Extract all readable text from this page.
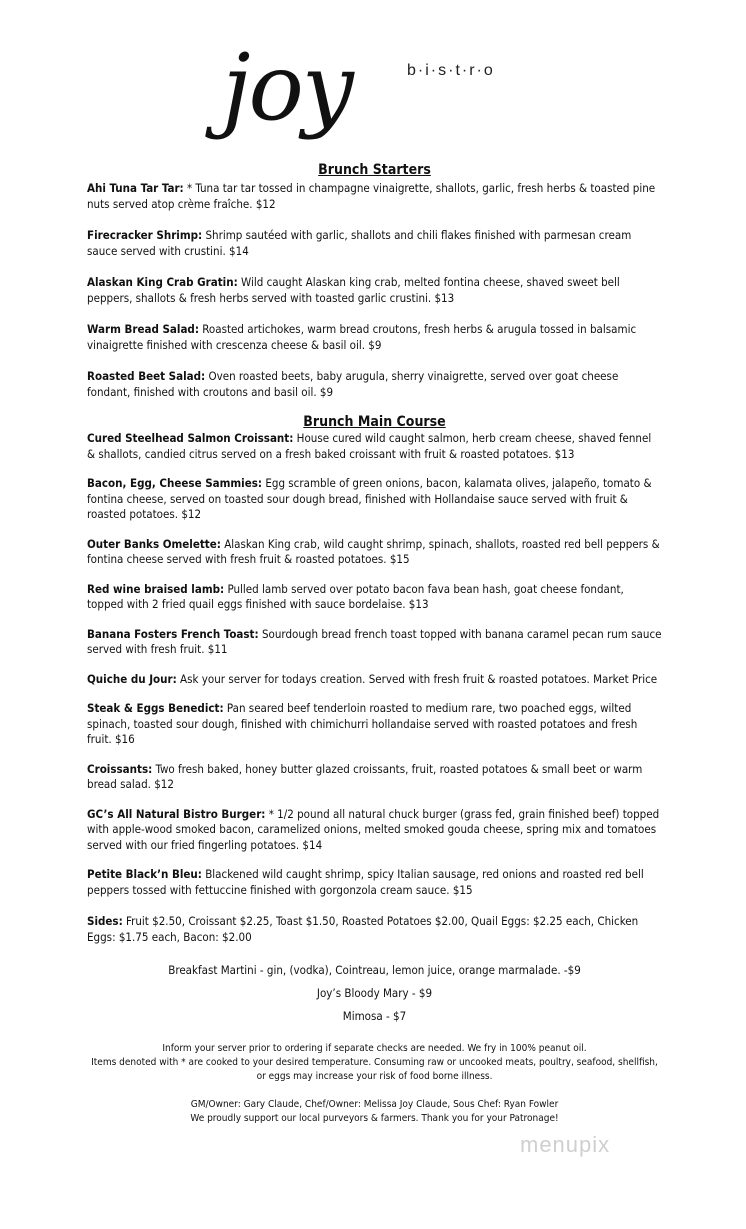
joy	b·i·s·t·r·o
Brunch Starters

Ahi Tuna Tar Tar: * Tuna tar tar tossed in champagne vinaigrette, shallots, garlic, fresh herbs & toasted pine nuts served atop crème fraîche. $12

Firecracker Shrimp: Shrimp sautéed with garlic, shallots and chili flakes finished with parmesan cream sauce served with crustini. $14

Alaskan King Crab Gratin: Wild caught Alaskan king crab, melted fontina cheese, shaved sweet bell peppers, shallots & fresh herbs served with toasted garlic crustini. $13

Warm Bread Salad: Roasted artichokes, warm bread croutons, fresh herbs & arugula tossed in balsamic vinaigrette finished with crescenza cheese & basil oil. $9

Roasted Beet Salad: Oven roasted beets, baby arugula, sherry vinaigrette, served over goat cheese fondant, finished with croutons and basil oil. $9

Brunch Main Course

Cured Steelhead Salmon Croissant: House cured wild caught salmon, herb cream cheese, shaved fennel & shallots, candied citrus served on a fresh baked croissant with fruit & roasted potatoes. $13

Bacon, Egg, Cheese Sammies: Egg scramble of green onions, bacon, kalamata olives, jalapeño, tomato & fontina cheese, served on toasted sour dough bread, finished with Hollandaise sauce served with fruit & roasted potatoes. $12

Outer Banks Omelette: Alaskan King crab, wild caught shrimp, spinach, shallots, roasted red bell peppers & fontina cheese served with fresh fruit & roasted potatoes. $15

Red wine braised lamb: Pulled lamb served over potato bacon fava bean hash, goat cheese fondant, topped with 2 fried quail eggs finished with sauce bordelaise. $13

Banana Fosters French Toast: Sourdough bread french toast topped with banana caramel pecan rum sauce served with fresh fruit. $11

Quiche du Jour: Ask your server for todays creation. Served with fresh fruit & roasted potatoes. Market Price

Steak & Eggs Benedict: Pan seared beef tenderloin roasted to medium rare, two poached eggs, wilted spinach, toasted sour dough, finished with chimichurri hollandaise served with roasted potatoes and fresh fruit. $16

Croissants: Two fresh baked, honey butter glazed croissants, fruit, roasted potatoes & small beet or warm bread salad. $12

GC’s All Natural Bistro Burger: * 1/2 pound all natural chuck burger (grass fed, grain finished beef) topped with apple-wood smoked bacon, caramelized onions, melted smoked gouda cheese, spring mix and tomatoes served with our fried fingerling potatoes. $14

Petite Black’n Bleu: Blackened wild caught shrimp, spicy Italian sausage, red onions and roasted red bell peppers tossed with fettuccine finished with gorgonzola cream sauce. $15

Sides: Fruit $2.50, Croissant $2.25, Toast $1.50, Roasted Potatoes $2.00, Quail Eggs: $2.25 each, Chicken Eggs: $1.75 each, Bacon: $2.00

Breakfast Martini - gin, (vodka), Cointreau, lemon juice, orange marmalade. -$9

Joy’s Bloody Mary - $9

Mimosa - $7

Inform your server prior to ordering if separate checks are needed. We fry in 100% peanut oil.

Items denoted with * are cooked to your desired temperature. Consuming raw or uncooked meats, poultry, seafood, shellfish, or eggs may increase your risk of food borne illness.

GM/Owner: Gary Claude, Chef/Owner: Melissa Joy Claude, Sous Chef: Ryan Fowler

We proudly support our local purveyors & farmers. Thank you for your Patronage!

menupix
